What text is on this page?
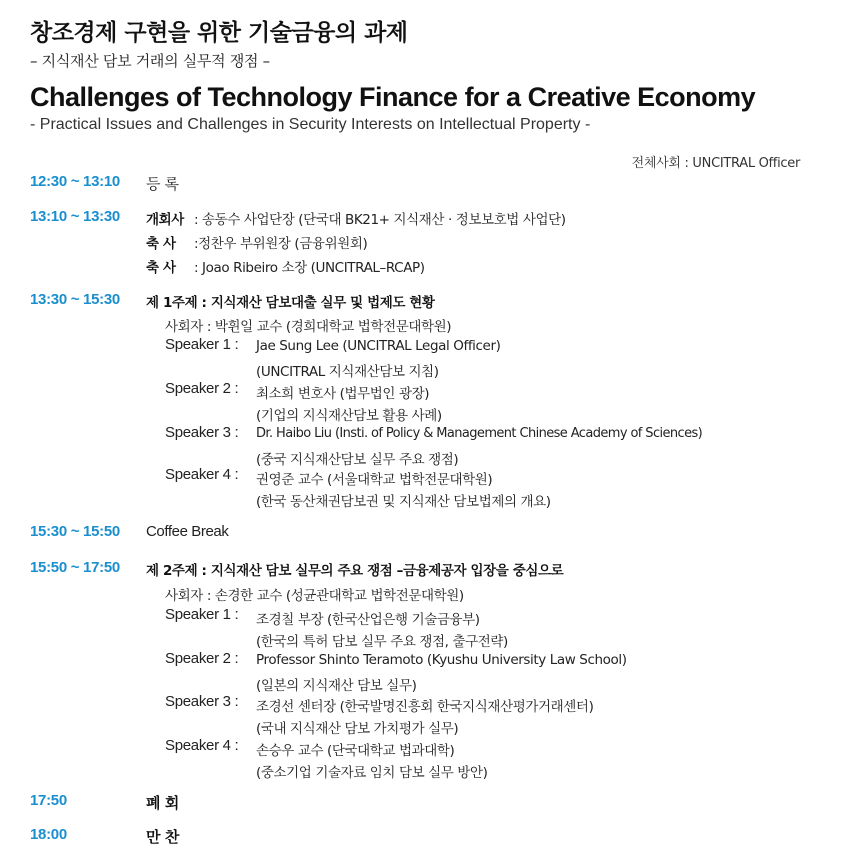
창조경제 구현을 위한 기술금융의 과제
– 지식재산 담보 거래의 실무적 쟁점 –
Challenges of Technology Finance for a Creative Economy
- Practical Issues and Challenges in Security Interests on Intellectual Property -
전체사회 : UNCITRAL Officer
12:30 ~ 13:10 등 록
13:10 ~ 13:30 개회사 : 송동수 사업단장 (단국대 BK21+ 지식재산 · 정보보호법 사업단)
축 사 :정찬우 부위원장 (금융위원회)
축 사 : Joao Ribeiro 소장 (UNCITRAL–RCAP)
13:30 ~ 15:30 제 1주제 : 지식재산 담보대출 실무 및 법제도 현황
사회자 : 박휜일 교수 (경희대학교 법학전문대학원)
Speaker 1 : Jae Sung Lee (UNCITRAL Legal Officer)
(UNCITRAL 지식재산담보 지침)
Speaker 2 : 최소희 변호사 (법무법인 광장)
(기업의 지식재산담보 활용 사례)
Speaker 3 : Dr. Haibo Liu (Insti. of Policy & Management Chinese Academy of Sciences)
(중국 지식재산담보 실무 주요 쟁점)
Speaker 4 : 권영준 교수 (서울대학교 법학전문대학원)
(한국 동산채권담보권 및 지식재산 담보법제의 개요)
15:30 ~ 15:50 Coffee Break
15:50 ~ 17:50 제 2주제 : 지식재산 담보 실무의 주요 쟁점 –금융제공자 입장을 중심으로
사회자 : 손경한 교수 (성균관대학교 법학전문대학원)
Speaker 1 : 조경칠 부장 (한국산업은행 기술금융부)
(한국의 특허 담보 실무 주요 쟁점, 출구전략)
Speaker 2 : Professor Shinto Teramoto (Kyushu University Law School)
(일본의 지식재산 담보 실무)
Speaker 3 : 조경선 센터장 (한국발명진흥회 한국지식재산평가거래센터)
(국내 지식재산 담보 가치평가 실무)
Speaker 4 : 손승우 교수 (단국대학교 법과대학)
(중소기업 기술자료 임치 담보 실무 방안)
17:50	폐 회
18:00	만 찬
